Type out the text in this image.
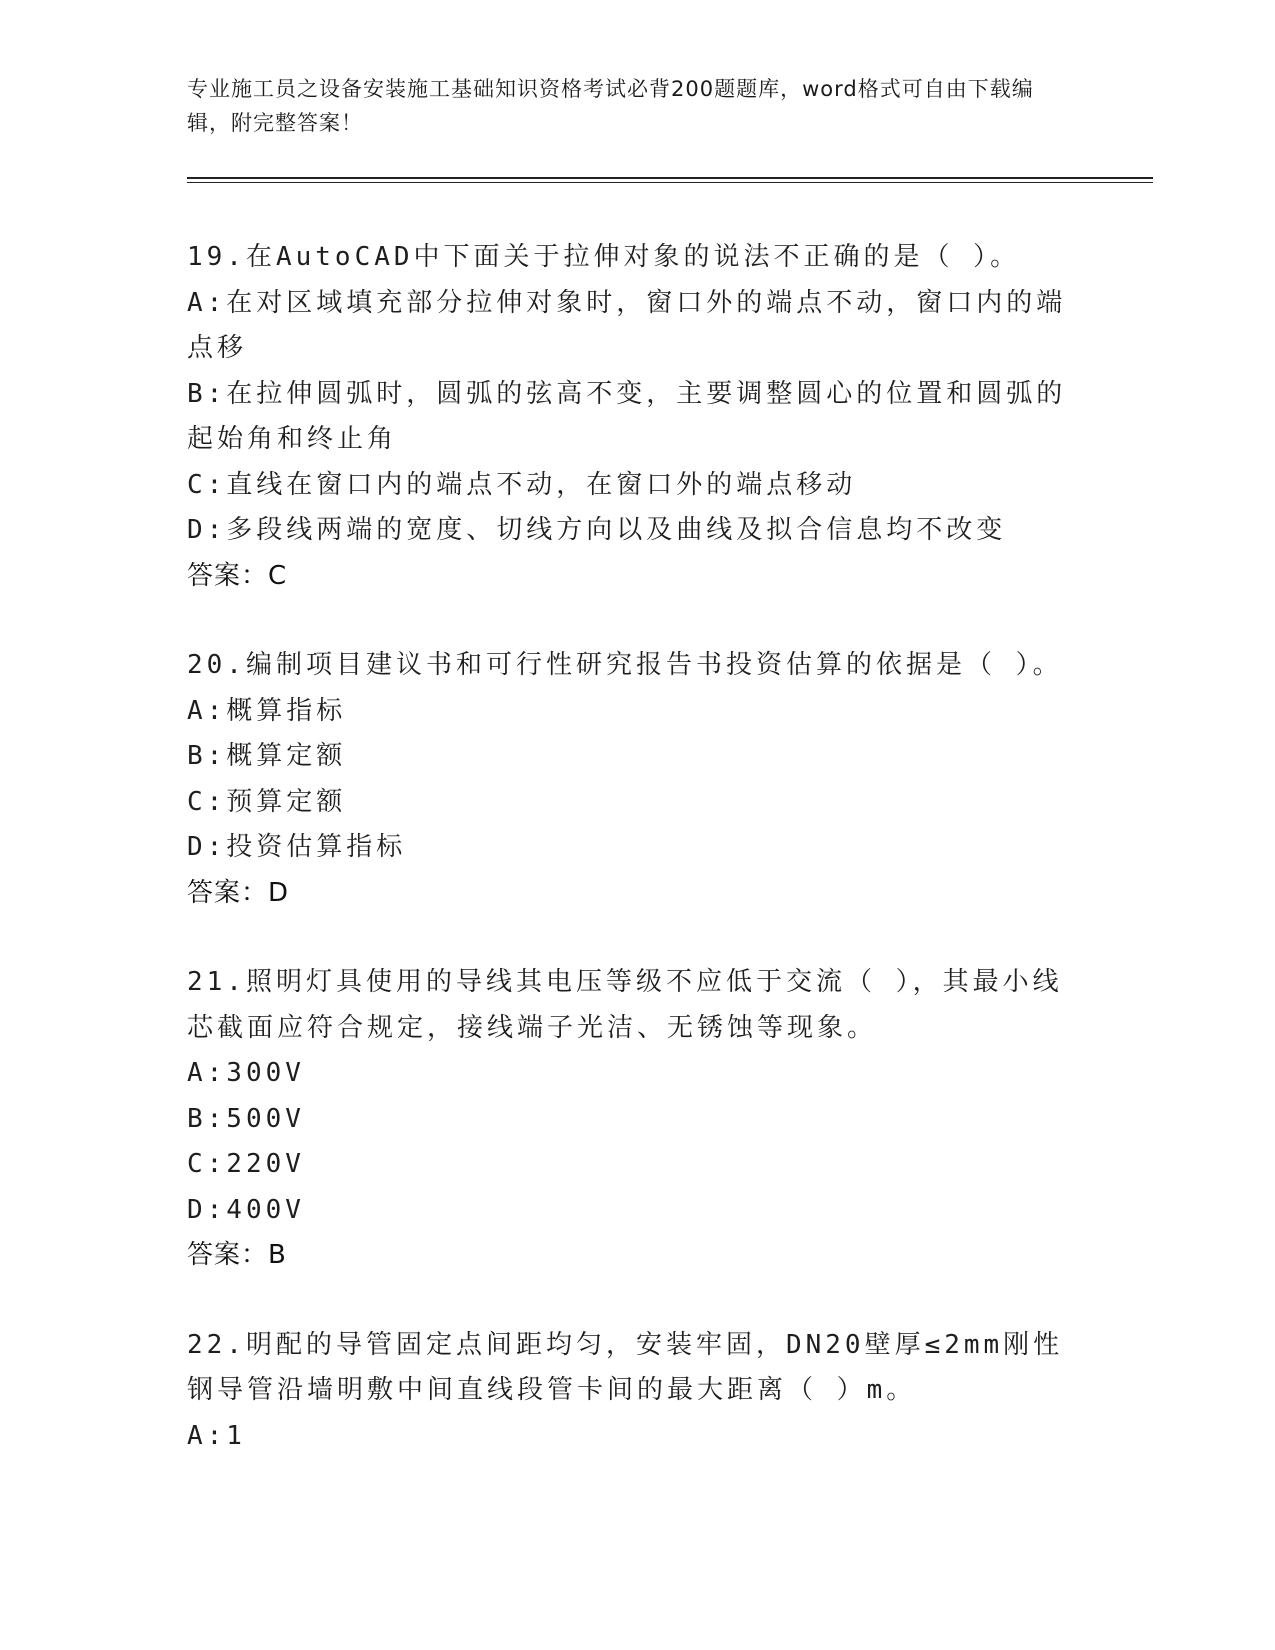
专业施工员之设备安装施工基础知识资格考试必背200题题库，word格式可自由下载编辑，附完整答案！
19.在AutoCAD中下面关于拉伸对象的说法不正确的是（ ）。
A:在对区域填充部分拉伸对象时，窗口外的端点不动，窗口内的端点移
B:在拉伸圆弧时，圆弧的弦高不变，主要调整圆心的位置和圆弧的起始角和终止角
C:直线在窗口内的端点不动，在窗口外的端点移动
D:多段线两端的宽度、切线方向以及曲线及拟合信息均不改变
答案：C
20.编制项目建议书和可行性研究报告书投资估算的依据是（ ）。
A:概算指标
B:概算定额
C:预算定额
D:投资估算指标
答案：D
21.照明灯具使用的导线其电压等级不应低于交流（ ），其最小线芯截面应符合规定，接线端子光洁、无锈蚀等现象。
A:300V
B:500V
C:220V
D:400V
答案：B
22.明配的导管固定点间距均匀，安装牢固，DN20壁厚≤2mm刚性钢导管沿墙明敷中间直线段管卡间的最大距离（ ）m。
A:1
